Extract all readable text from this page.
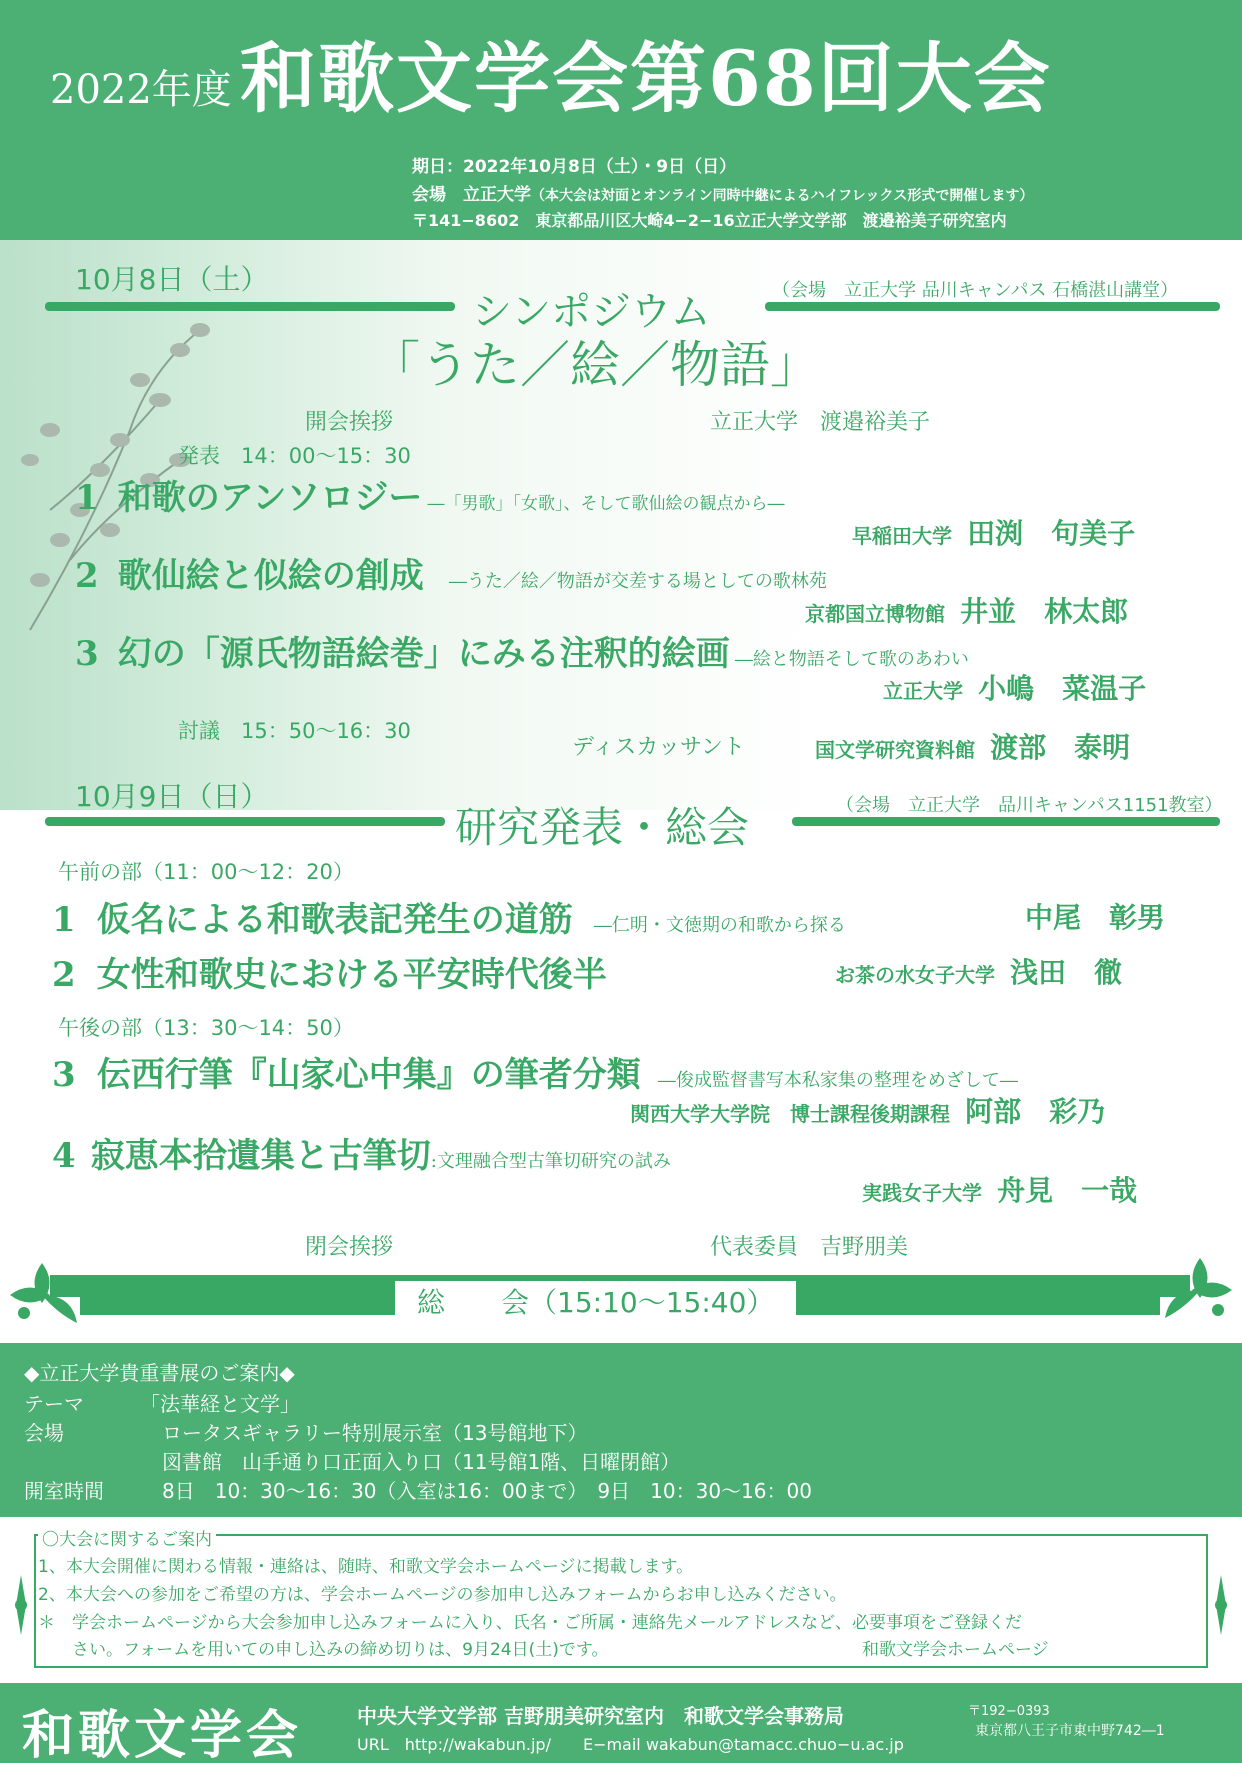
2022年度 和歌文学会第68回大会
期日：2022年10月8日（土）・9日（日）
会場　立正大学（本大会は対面とオンライン同時中継によるハイフレックス形式で開催します）
〒141−8602　東京都品川区大崎4−2−16立正大学文学部　渡邉裕美子研究室内
10月8日（土）
シンポジウム	（会場　立正大学 品川キャンパス 石橋湛山講堂）
「うた／絵／物語」
開会挨拶	立正大学　渡邉裕美子
発表　14：00〜15：30
1 和歌のアンソロジー ―「男歌」「女歌」、そして歌仙絵の観点から―
早稲田大学 田渕　句美子
2 歌仙絵と似絵の創成 ―うた／絵／物語が交差する場としての歌林苑
京都国立博物館 井並　林太郎
3 幻の「源氏物語絵巻」にみる注釈的絵画 ―絵と物語そして歌のあわい
立正大学 小嶋　菜温子
討議　15：50〜16：30
ディスカッサント	国文学研究資料館 渡部　泰明
10月9日（日）
研究発表・総会	（会場　立正大学　品川キャンパス1151教室）
午前の部（11：00〜12：20）
1 仮名による和歌表記発生の道筋 ―仁明・文徳期の和歌から探る	中尾　彰男
2 女性和歌史における平安時代後半	お茶の水女子大学 浅田　徹
午後の部（13：30〜14：50）
3 伝西行筆『山家心中集』の筆者分類 ―俊成監督書写本私家集の整理をめざして―
関西大学大学院　博士課程後期課程 阿部　彩乃
4 寂恵本拾遺集と古筆切:文理融合型古筆切研究の試み
実践女子大学 舟見　一哉
閉会挨拶	代表委員　吉野朋美
総　　会（15:10〜15:40）
◆立正大学貴重書展のご案内◆
テーマ	「法華経と文学」
会場	ロータスギャラリー特別展示室（13号館地下）
図書館　山手通り口正面入り口（11号館1階、日曜閉館）
開室時間	8日　10：30〜16：30（入室は16：00まで）　9日　10：30〜16：00
〇大会に関するご案内
1、本大会開催に関わる情報・連絡は、随時、和歌文学会ホームページに掲載します。
2、本大会への参加をご希望の方は、学会ホームページの参加申し込みフォームからお申し込みください。
＊　学会ホームページから大会参加申し込みフォームに入り、氏名・ご所属・連絡先メールアドレスなど、必要事項をご登録くだ
さい。フォームを用いての申し込みの締め切りは、9月24日(土)です。	和歌文学会ホームページ
和歌文学会	中央大学文学部 吉野朋美研究室内　和歌文学会事務局
URL　http://wakabun.jp/　　E−mail wakabun@tamacc.chuo−u.ac.jp
〒192−0393
東京都八王子市東中野742―1
